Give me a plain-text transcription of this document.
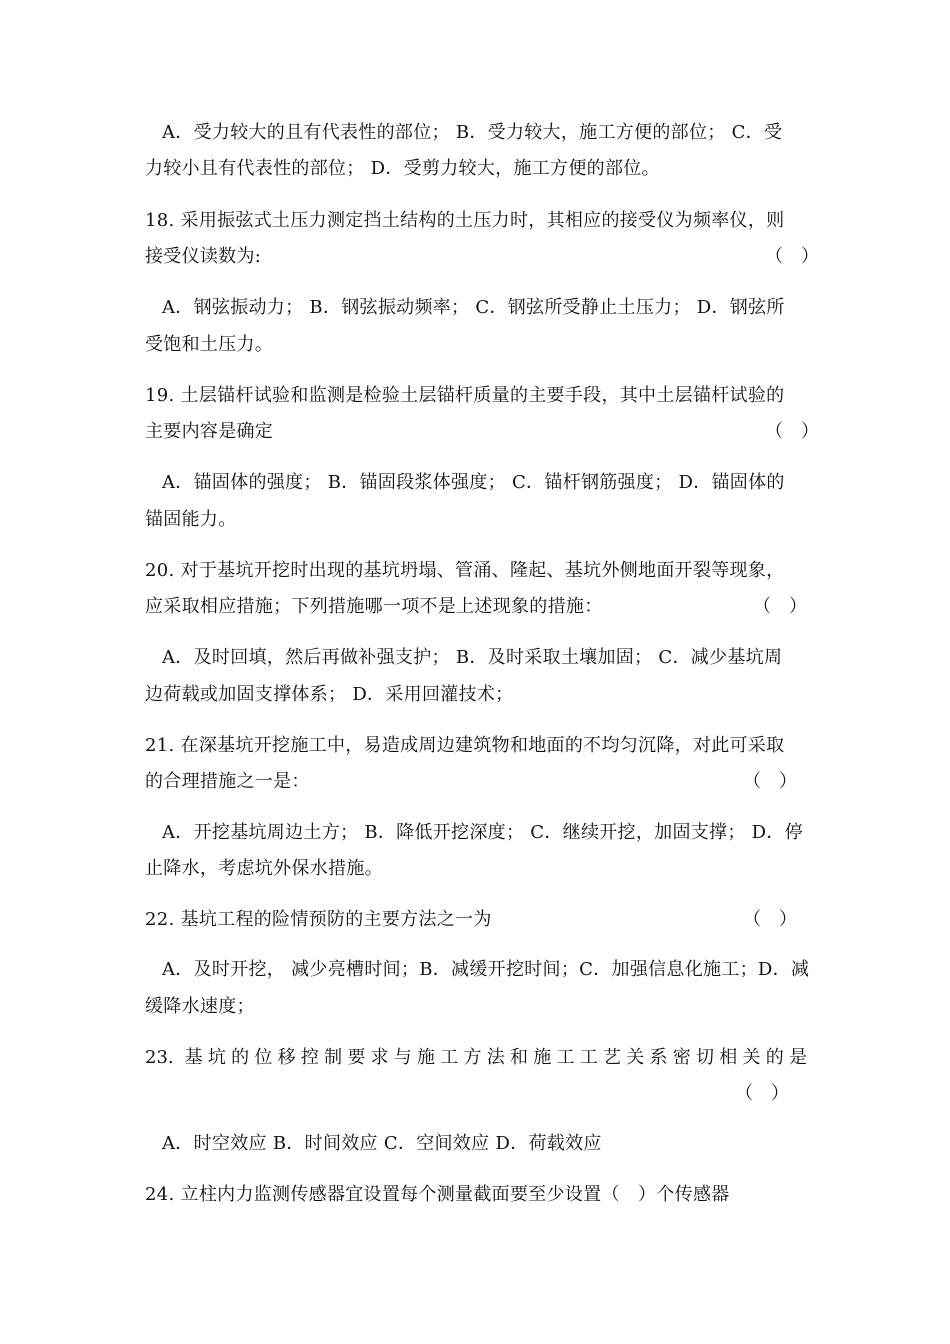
A．受力较大的且有代表性的部位； B．受力较大，施工方便的部位； C．受
力较小且有代表性的部位； D．受剪力较大，施工方便的部位。
18. 采用振弦式土压力测定挡土结构的土压力时，其相应的接受仪为频率仪，则
接受仪读数为:	（　）
A．钢弦振动力； B．钢弦振动频率； C．钢弦所受静止土压力； D．钢弦所
受饱和土压力。
19. 土层锚杆试验和监测是检验土层锚杆质量的主要手段，其中土层锚杆试验的
主要内容是确定	（　）
A．锚固体的强度； B．锚固段浆体强度； C．锚杆钢筋强度； D．锚固体的
锚固能力。
20. 对于基坑开挖时出现的基坑坍塌、管涌、隆起、基坑外侧地面开裂等现象，
应采取相应措施；下列措施哪一项不是上述现象的措施：	（　）
A．及时回填，然后再做补强支护； B．及时采取土壤加固； C．减少基坑周
边荷载或加固支撑体系； D．采用回灌技术；
21. 在深基坑开挖施工中，易造成周边建筑物和地面的不均匀沉降，对此可采取
的合理措施之一是：	（　）
A．开挖基坑周边土方； B．降低开挖深度； C．继续开挖，加固支撑； D．停
止降水，考虑坑外保水措施。
22. 基坑工程的险情预防的主要方法之一为	（　）
A．及时开挖， 减少亮槽时间；B．减缓开挖时间；C．加强信息化施工；D．减
缓降水速度；
23. 基坑的位移控制要求与施工方法和施工工艺关系密切相关的是
（　）
A．时空效应 B．时间效应 C．空间效应 D．荷载效应
24. 立柱内力监测传感器宜设置每个测量截面要至少设置（　）个传感器
